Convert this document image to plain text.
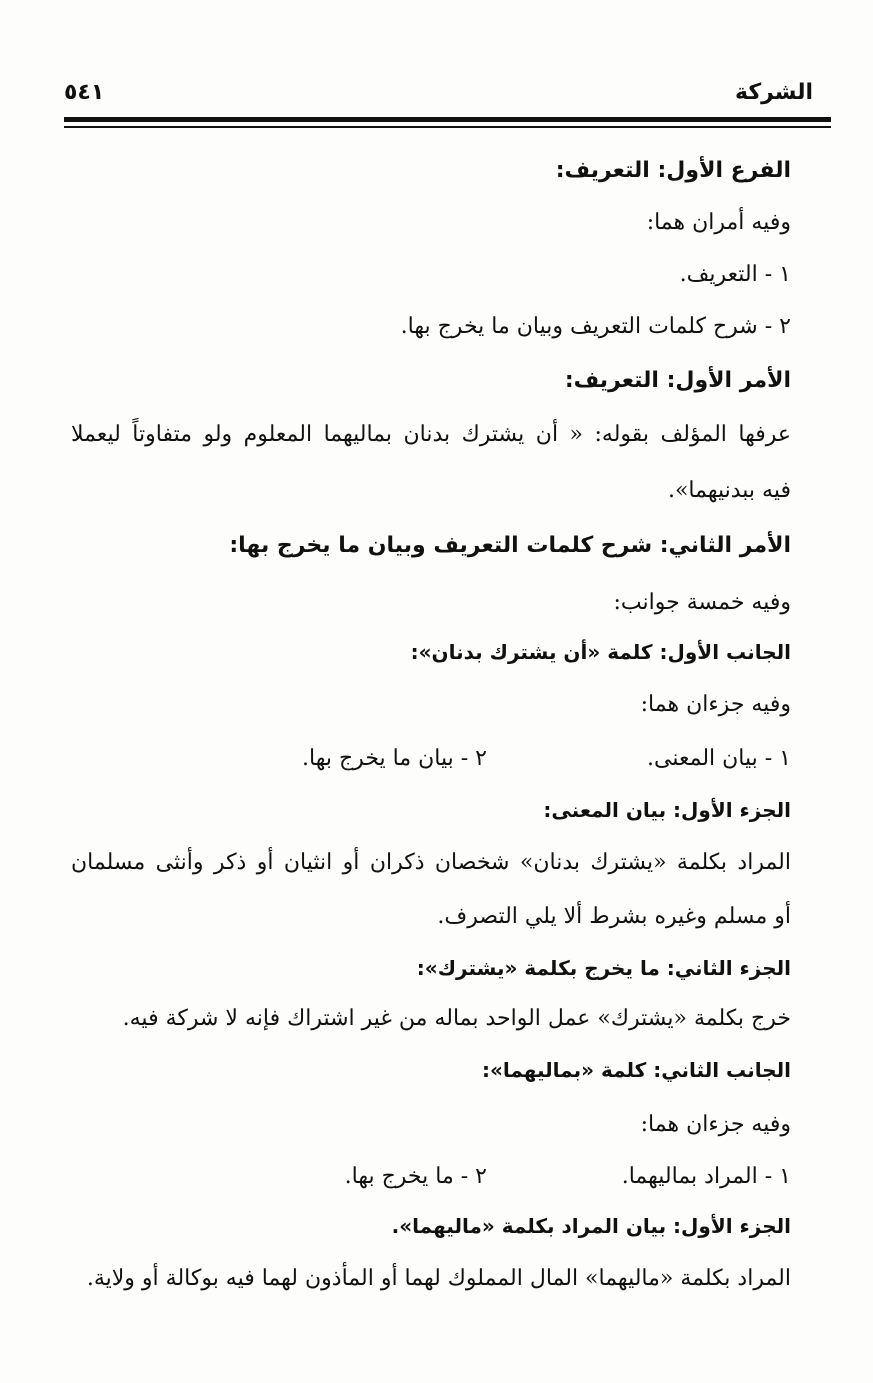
الشركة
٥٤١
الفرع الأول: التعريف:
وفيه أمران هما:
١ - التعريف.
٢ - شرح كلمات التعريف وبيان ما يخرج بها.
الأمر الأول: التعريف:
عرفها المؤلف بقوله: « أن يشترك بدنان بماليهما المعلوم ولو متفاوتاً ليعملا
فيه ببدنيهما».
الأمر الثاني: شرح كلمات التعريف وبيان ما يخرج بها:
وفيه خمسة جوانب:
الجانب الأول: كلمة «أن يشترك بدنان»:
وفيه جزءان هما:
١ - بيان المعنى.
٢ - بيان ما يخرج بها.
الجزء الأول: بيان المعنى:
المراد بكلمة «يشترك بدنان» شخصان ذكران أو انثيان أو ذكر وأنثى مسلمان
أو مسلم وغيره بشرط ألا يلي التصرف.
الجزء الثاني: ما يخرج بكلمة «يشترك»:
خرج بكلمة «يشترك» عمل الواحد بماله من غير اشتراك فإنه لا شركة فيه.
الجانب الثاني: كلمة «بماليهما»:
وفيه جزءان هما:
١ - المراد بماليهما.
٢ - ما يخرج بها.
الجزء الأول: بيان المراد بكلمة «ماليهما».
المراد بكلمة «ماليهما» المال المملوك لهما أو المأذون لهما فيه بوكالة أو ولاية.
